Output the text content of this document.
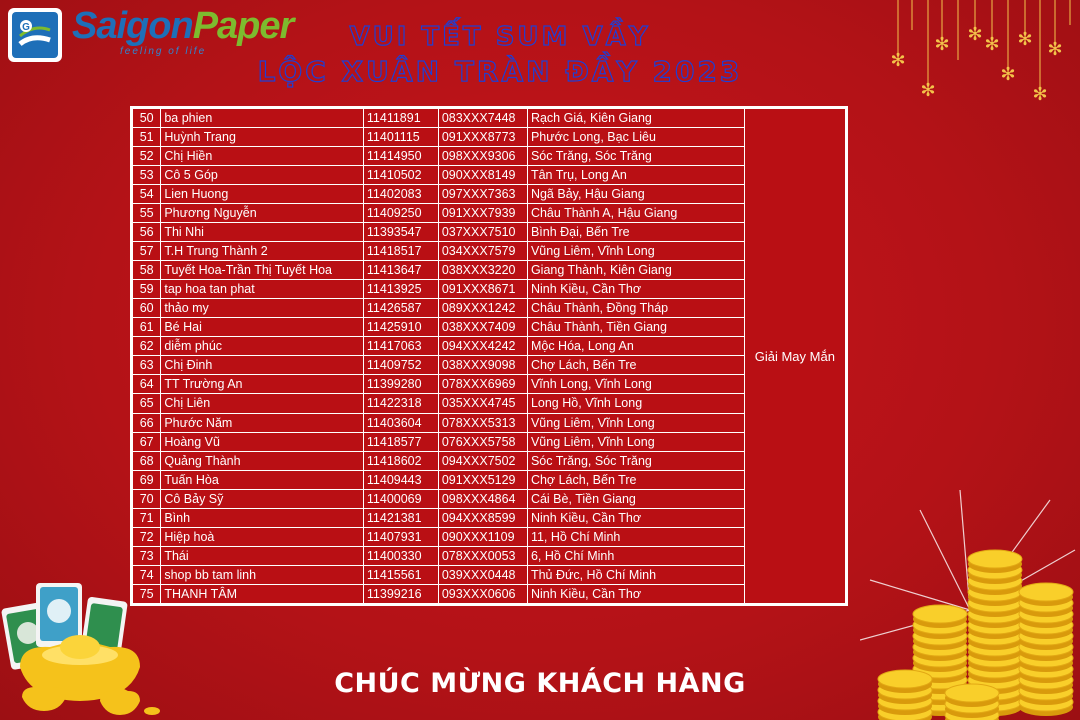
G SaigonPaper
feeling of life	VUI TẾT SUM VẦY
LỘC XUÂN TRÀN ĐẦY 2023	✻
✻
✻ ✻ ✻
✻
✻
✻
✻
50	ba phien	11411891	083XXX7448	Rạch Giá, Kiên Giang	Giải May Mắn
51	Huỳnh Trang	11401115	091XXX8773	Phước Long, Bạc Liêu	
52	Chị Hiền	11414950	098XXX9306	Sóc Trăng, Sóc Trăng	
53	Cô 5 Góp	11410502	090XXX8149	Tân Trụ, Long An	
54	Lien Huong	11402083	097XXX7363	Ngã Bảy, Hậu Giang	
55	Phương Nguyễn	11409250	091XXX7939	Châu Thành A, Hậu Giang	
56	Thi Nhi	11393547	037XXX7510	Bình Đại, Bến Tre	
57	T.H Trung Thành 2	11418517	034XXX7579	Vũng Liêm, Vĩnh Long	
58	Tuyết Hoa-Trần Thị Tuyết Hoa	11413647	038XXX3220	Giang Thành, Kiên Giang	
59	tap hoa tan phat	11413925	091XXX8671	Ninh Kiều, Cần Thơ	
60	thảo my	11426587	089XXX1242	Châu Thành, Đồng Tháp	
61	Bé Hai	11425910	038XXX7409	Châu Thành, Tiền Giang	
62	diễm phúc	11417063	094XXX4242	Mộc Hóa, Long An	
63	Chị Đinh	11409752	038XXX9098	Chợ Lách, Bến Tre	
64	TT Trường An	11399280	078XXX6969	Vĩnh Long, Vĩnh Long	
65	Chị Liên	11422318	035XXX4745	Long Hồ, Vĩnh Long	
66	Phước Năm	11403604	078XXX5313	Vũng Liêm, Vĩnh Long	
67	Hoàng Vũ	11418577	076XXX5758	Vũng Liêm, Vĩnh Long	
68	Quảng Thành	11418602	094XXX7502	Sóc Trăng, Sóc Trăng	
69	Tuấn Hòa	11409443	091XXX5129	Chợ Lách, Bến Tre	
70	Cô Bảy Sỹ	11400069	098XXX4864	Cái Bè, Tiền Giang	
71	Bình	11421381	094XXX8599	Ninh Kiều, Cần Thơ	
72	Hiệp hoà	11407931	090XXX1109	11, Hồ Chí Minh	
73	Thái	11400330	078XXX0053	6, Hồ Chí Minh	
74	shop bb tam linh	11415561	039XXX0448	Thủ Đức, Hồ Chí Minh	
75	THANH TÂM	11399216	093XXX0606	Ninh Kiều, Cần Thơ	
CHÚC MỪNG KHÁCH HÀNG
